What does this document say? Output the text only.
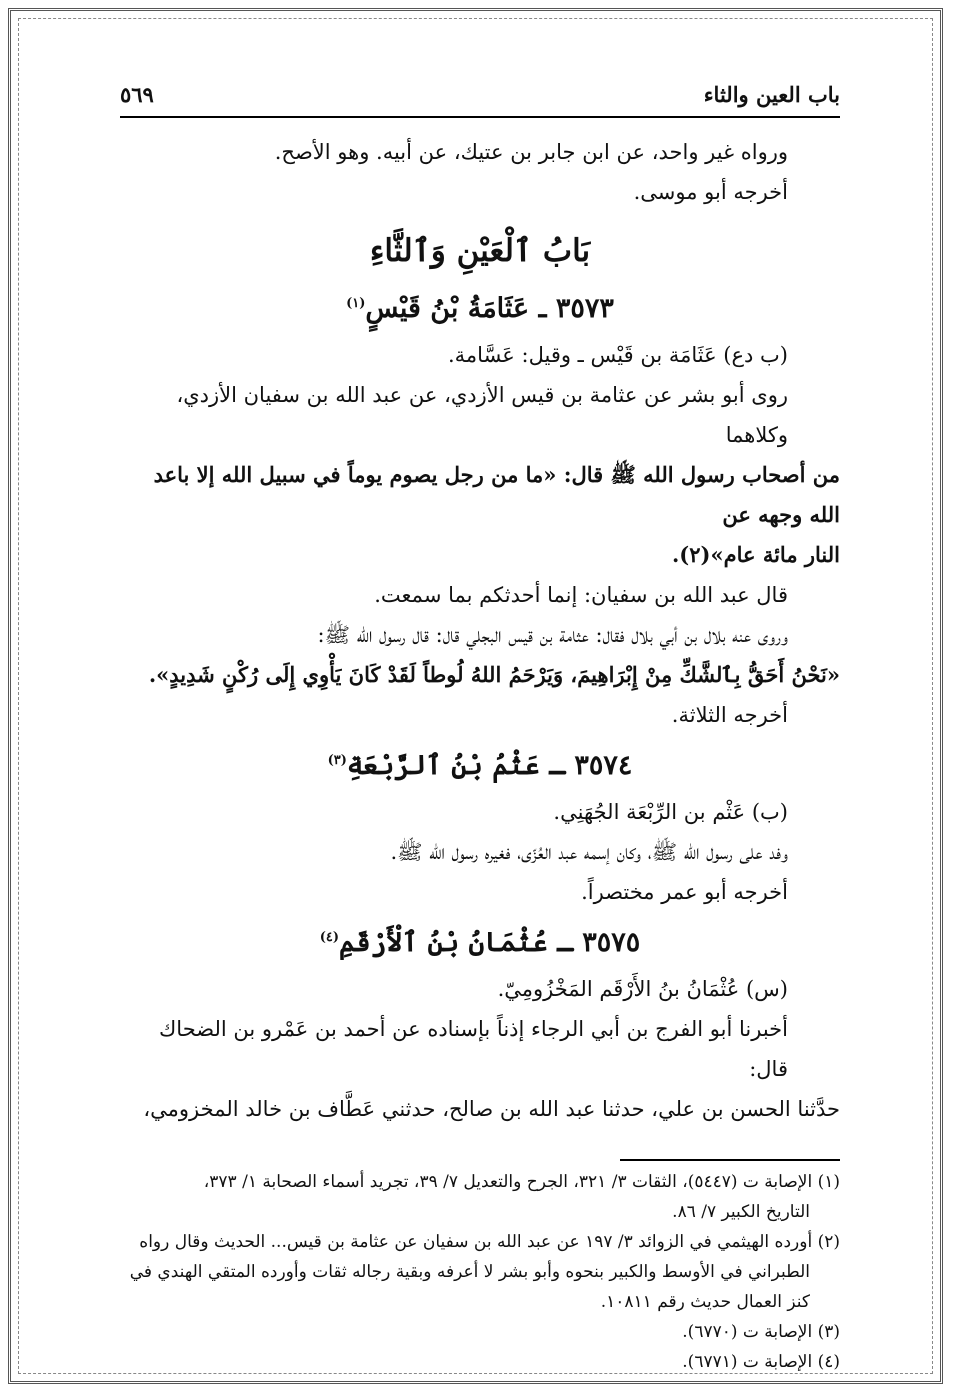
باب العين والثاء
٥٦٩

ورواه غير واحد، عن ابن جابر بن عتيك، عن أبيه. وهو الأصح.

أخرجه أبو موسى.

بَابُ ٱلْعَيْنِ وَٱلثَّاءِ
٣٥٧٣ ـ عَثَامَةُ بْنُ قَيْسٍ$^{(١)}$

(ب دع) عَثَامَة بن قَيْس ـ وقيل: عَسَّامة.

روى أبو بشر عن عثامة بن قيس الأزدي، عن عبد الله بن سفيان الأزدي، وكلاهما

من أصحاب رسول الله ﷺ قال: «ما من رجل يصوم يوماً في سبيل الله إلا باعد الله وجهه عن

النار مائة عام»(٢).

قال عبد الله بن سفيان: إنما أحدثكم بما سمعت.

وروى عنه بلال بن أبي بلال فقال: عثامة بن قيس البجلي قال: قال رسول الله ﷺ:

«نَحْنُ أَحَقُّ بِٱلشَّكِّ مِنْ إِبْرَاهِيمَ، وَيَرْحَمُ اللهُ لُوطاً لَقَدْ كَانَ يَأْوِي إِلَى رُكْنٍ شَدِيدٍ».

أخرجه الثلاثة.

٣٥٧٤ ـ عَثْمُ بْنُ ٱلرَّبْعَةِ$^{(٣)}$

(ب) عَثْم بن الرِّبْعَة الجُهَنِي.

وفد على رسول الله ﷺ، وكان إسمه عبد العُزّى، فغيره رسول الله ﷺ.

أخرجه أبو عمر مختصراً.

٣٥٧٥ ـ عُثْمَانُ بْنُ ٱلْأَرْقَمِ$^{(٤)}$

(س) عُثْمَانُ بنُ الأَرْقَم المَخْزُومِيّ.

أخبرنا أبو الفرج بن أبي الرجاء إذناً بإسناده عن أحمد بن عَمْرو بن الضحاك قال:

حدَّثنا الحسن بن علي، حدثنا عبد الله بن صالح، حدثني عَطَّاف بن خالد المخزومي،

(١) الإصابة ت (٥٤٤٧)، الثقات ٣/ ٣٢١، الجرح والتعديل ٧/ ٣٩، تجريد أسماء الصحابة ١/ ٣٧٣،

التاريخ الكبير ٧/ ٨٦.

(٢) أورده الهيثمي في الزوائد ٣/ ١٩٧ عن عبد الله بن سفيان عن عثامة بن قيس... الحديث وقال رواه

الطبراني في الأوسط والكبير بنحوه وأبو بشر لا أعرفه وبقية رجاله ثقات وأورده المتقي الهندي في

كنز العمال حديث رقم ١٠٨١١.

(٣) الإصابة ت (٦٧٧٠).

(٤) الإصابة ت (٦٧٧١).
